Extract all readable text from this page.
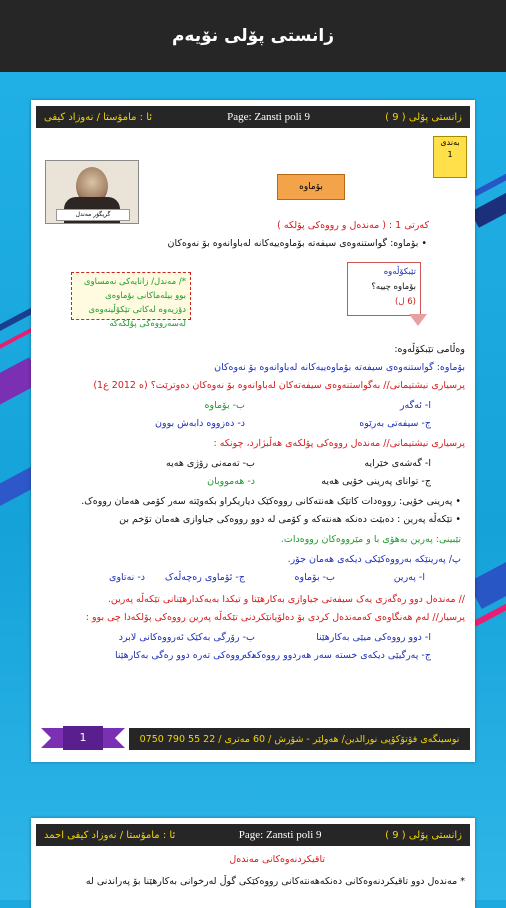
زانستی پۆلی نۆیەم
زانستی پۆلی ( 9 )
Page: Zansti poli 9
ئا : مامۆستا / نەوزاد کیفی
بەندی
1
گریگۆر مەندل
بۆماوە
کەرتی 1 : ( مەندەل و رووەکی پۆلکە )
• بۆماوە: گواستنەوەی سیفەتە بۆماوەییەکانە لەباوانەوە بۆ نەوەکان
*/ مەندل/ زانایەکی نەمساوی بوو بیلەماکانی بۆماوەی دۆزیەوە لەکاتی تێکۆڵینەوەی لەسەرووەکی پۆلکەکە
تێبکۆڵەوە
بۆماوە چییە؟
(6 ل)
وەڵامی تێبکۆڵەوە:
بۆماوە: گواستنەوەی سیفەتە بۆماوەییەکانە لەباوانەوە بۆ نەوەکان
پرسیاری نیشتیمانی// بەگواستنەوەی سیفەتەکان لەباوانەوە بۆ نەوەکان دەوترێت؟ (ه 2012 ع1)
ا- ئەگەر
ب- بۆماوە
ج- سیفەتی بەرێوە
د- دەزووە دابەش بوون
پرسیاری نیشتیمانی// مەندەل رووەکی پۆلکەی هەڵبژارد، چونکە :
ا- گەشەی خێرایە
ب- تەمەنی رۆژی هەیە
ج- توانای پەرینی خۆیی هەیە
د- هەمووبان
• پەرینی خۆیی: رووەدات کاتێک هەنتەکانی رووەکێک دیاریکراو بکەوێتە سەر کۆمی هەمان رووەک.
• تێکەڵە پەرین : دەبێت دەنکە هەنتەکە و کۆمی لە دوو رووەکی جیاوازی هەمان تۆخم بن
تێبینی: پەرین بەهۆی با و مێرووەکان رووەدات.
پ/ پەرینێکە بەرووەکێکی دیکەی هەمان جۆر.
ا- پەرین
ب- بۆماوە
ج- ئۆماوی رەچەڵەک
د- نەتاوی
// مەندەل دوو رەگەزی یەک سیفەتی جیاوازی بەکارهێنا و تیکدا بەیەکدارهێنانی تێکەڵە پەرین.
پرسیار// لەم هەنگاوەی کەمەندەل کردی بۆ دەلۆپانێکردنی تێکەڵە پەرین رووەکی پۆلکەدا چی بوو :
ا- دوو رووەکی میێی بەکارهێنا
ب- رۆرگی بەکێک ئەرووەکانی لابرد
ج- پەرگیێی دیکەی خستە سەر هەردوو رووەکەکە
د- رووەکی تەرە دوو رەگی بەکارهێنا
1	نوسینگەی فۆتۆکۆپی نورالدین/ هەولێر - شۆرش / 60 مەتری / 22 55 790 0750
زانستی پۆلی ( 9 )
Page: Zansti poli 9
ئا : مامۆستا / نەوزاد کیفی احمد
تاقیکردنەوەکانی مەندەل
* مەندەل دوو تاقیکردنەوەکانی دەنکەهەنتەکانی رووەکێکی گوڵ لەرخوانی بەکارهێنا بۆ پەراندنی لە
